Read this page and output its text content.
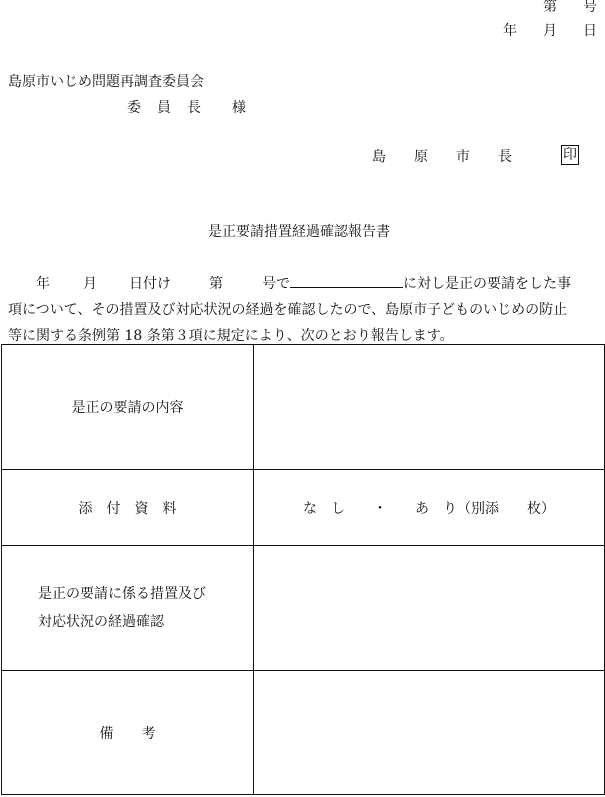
第 号
年 月 日
島原市いじめ問題再調査委員会
委　員　長　　様
島　　原　　市　　長	印
是正要請措置経過確認報告書
年 月 日付け	第	号で	に対し是正の要請をした事
項について、その措置及び対応状況の経過を確認したので、島原市子どものいじめの防止
等に関する条例第 18 条第３項に規定により、次のとおり報告します。
是正の要請の内容	
添　付　資　料	な　し　　・　　あ　り（別添　　枚）

是正の要請に係る措置及び
対応状況の経過確認	

備　　考	
